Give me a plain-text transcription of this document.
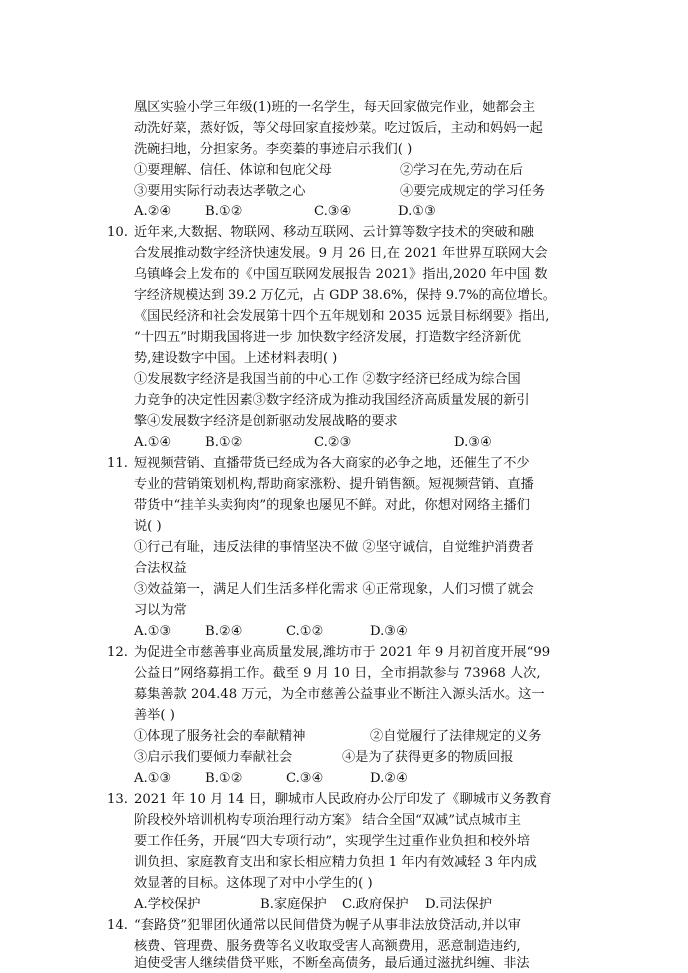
凰区实验小学三年级(1)班的一名学生，每天回家做完作业，她都会主
动洗好菜，蒸好饭，等父母回家直接炒菜。吃过饭后，主动和妈妈一起
洗碗扫地，分担家务。李奕蓁的事迹启示我们( )
①要理解、信任、体谅和包庇父母	②学习在先,劳动在后
③要用实际行动表达孝敬之心	④要完成规定的学习任务
A.②④	B.①②	C.③④	D.①③
10. 近年来,大数据、物联网、移动互联网、云计算等数字技术的突破和融
合发展推动数字经济快速发展。9 月 26 日,在 2021 年世界互联网大会
乌镇峰会上发布的《中国互联网发展报告 2021》指出,2020 年中国 数
字经济规模达到 39.2 万亿元，占 GDP 38.6%，保持 9.7%的高位增长。
《国民经济和社会发展第十四个五年规划和 2035 远景目标纲要》指出,
“十四五”时期我国将进一步 加快数字经济发展，打造数字经济新优
势,建设数字中国。上述材料表明( )
①发展数字经济是我国当前的中心工作 ②数字经济已经成为综合国
力竞争的决定性因素③数字经济成为推动我国经济高质量发展的新引
擎④发展数字经济是创新驱动发展战略的要求
A.①④	B.①②	C.②③	D.③④
11. 短视频营销、直播带货已经成为各大商家的必争之地，还催生了不少
专业的营销策划机构,帮助商家涨粉、提升销售额。短视频营销、直播
带货中“挂羊头卖狗肉”的现象也屡见不鲜。对此，你想对网络主播们
说( )
①行己有耻，违反法律的事情坚决不做 ②坚守诚信，自觉维护消费者
合法权益
③效益第一，满足人们生活多样化需求 ④正常现象，人们习惯了就会
习以为常
A.①③	B.②④	C.①②	D.③④
12. 为促进全市慈善事业高质量发展,潍坊市于 2021 年 9 月初首度开展“99
公益日”网络募捐工作。截至 9 月 10 日，全市捐款参与 73968 人次,
募集善款 204.48 万元，为全市慈善公益事业不断注入源头活水。这一
善举( )
①体现了服务社会的奉献精神	②自觉履行了法律规定的义务
③启示我们要倾力奉献社会	④是为了获得更多的物质回报
A.①③	B.①②	C.③④	D.②④
13. 2021 年 10 月 14 日，聊城市人民政府办公厅印发了《聊城市义务教育
阶段校外培训机构专项治理行动方案》 结合全国“双减”试点城市主
要工作任务，开展“四大专项行动”，实现学生过重作业负担和校外培
训负担、家庭教育支出和家长相应精力负担 1 年内有效减轻 3 年内成
效显著的目标。这体现了对中小学生的( )
A.学校保护	B.家庭保护 C.政府保护 D.司法保护
14. “套路贷”犯罪团伙通常以民间借贷为幌子从事非法放贷活动,并以审
核费、管理费、服务费等名义收取受害人高额费用，恶意制造违约,
迫使受害人继续借贷平账，不断垒高债务，最后通过滋扰纠缠、非法
